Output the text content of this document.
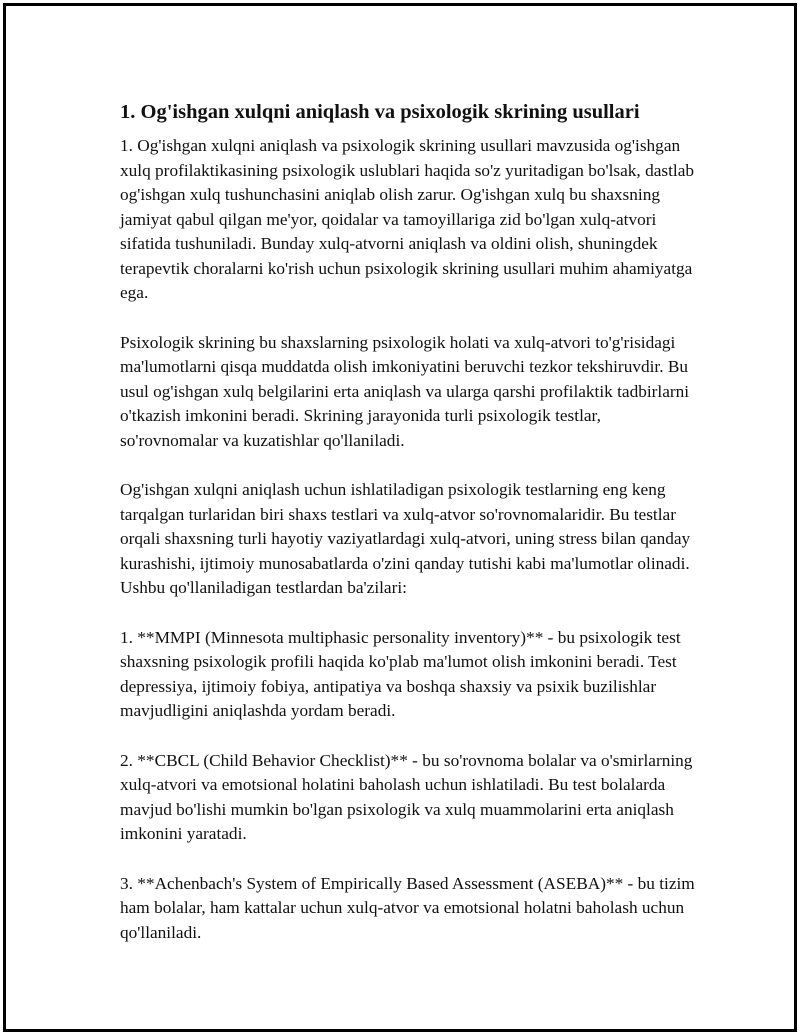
1. Og'ishgan xulqni aniqlash va psixologik skrining usullari

1. Og'ishgan xulqni aniqlash va psixologik skrining usullari mavzusida og'ishgan xulq profilaktikasining psixologik uslublari haqida so'z yuritadigan bo'lsak, dastlab og'ishgan xulq tushunchasini aniqlab olish zarur. Og'ishgan xulq bu shaxsning jamiyat qabul qilgan me'yor, qoidalar va tamoyillariga zid bo'lgan xulq-atvori sifatida tushuniladi. Bunday xulq-atvorni aniqlash va oldini olish, shuningdek terapevtik choralarni ko'rish uchun psixologik skrining usullari muhim ahamiyatga ega.

Psixologik skrining bu shaxslarning psixologik holati va xulq-atvori to'g'risidagi ma'lumotlarni qisqa muddatda olish imkoniyatini beruvchi tezkor tekshiruvdir. Bu usul og'ishgan xulq belgilarini erta aniqlash va ularga qarshi profilaktik tadbirlarni o'tkazish imkonini beradi. Skrining jarayonida turli psixologik testlar, so'rovnomalar va kuzatishlar qo'llaniladi.

Og'ishgan xulqni aniqlash uchun ishlatiladigan psixologik testlarning eng keng tarqalgan turlaridan biri shaxs testlari va xulq-atvor so'rovnomalaridir. Bu testlar orqali shaxsning turli hayotiy vaziyatlardagi xulq-atvori, uning stress bilan qanday kurashishi, ijtimoiy munosabatlarda o'zini qanday tutishi kabi ma'lumotlar olinadi. Ushbu qo'llaniladigan testlardan ba'zilari:

1. **MMPI (Minnesota multiphasic personality inventory)** - bu psixologik test shaxsning psixologik profili haqida ko'plab ma'lumot olish imkonini beradi. Test depressiya, ijtimoiy fobiya, antipatiya va boshqa shaxsiy va psixik buzilishlar mavjudligini aniqlashda yordam beradi.

2. **CBCL (Child Behavior Checklist)** - bu so'rovnoma bolalar va o'smirlarning xulq-atvori va emotsional holatini baholash uchun ishlatiladi. Bu test bolalarda mavjud bo'lishi mumkin bo'lgan psixologik va xulq muammolarini erta aniqlash imkonini yaratadi.

3. **Achenbach's System of Empirically Based Assessment (ASEBA)** - bu tizim ham bolalar, ham kattalar uchun xulq-atvor va emotsional holatni baholash uchun qo'llaniladi.
